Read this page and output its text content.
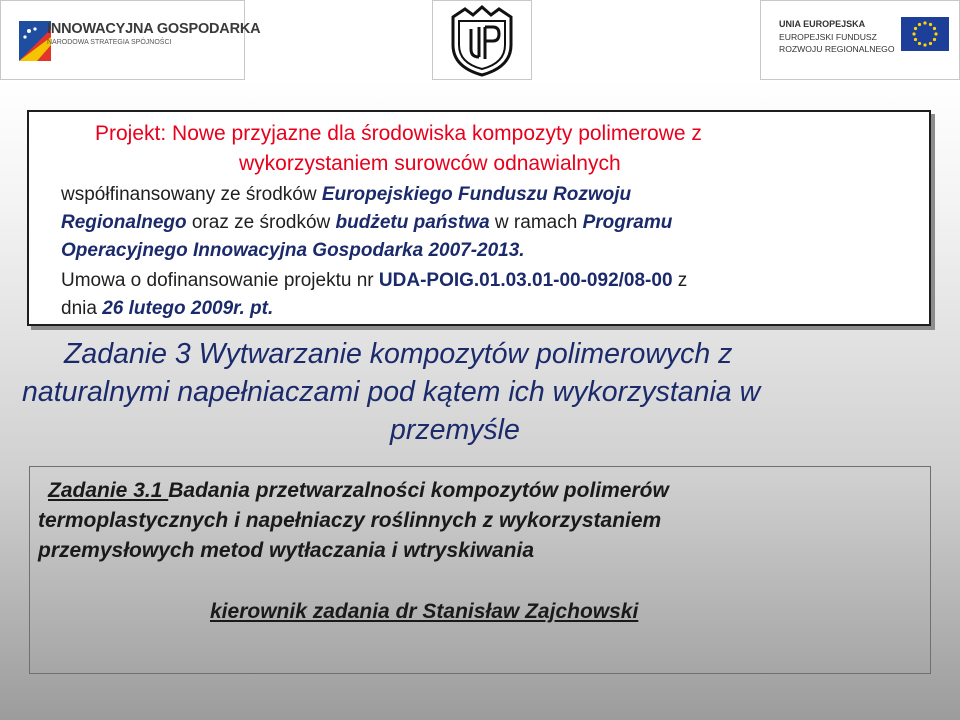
INNOWACYJNA GOSPODARKA
NARODOWA STRATEGIA SPÓJNOŚCI
UNIA EUROPEJSKA
EUROPEJSKI FUNDUSZ
ROZWOJU REGIONALNEGO
Projekt: Nowe przyjazne dla środowiska kompozyty polimerowe z
wykorzystaniem surowców odnawialnych
współfinansowany ze środków Europejskiego Funduszu Rozwoju
Regionalnego oraz ze środków budżetu państwa w ramach Programu
Operacyjnego Innowacyjna Gospodarka 2007-2013.
Umowa o dofinansowanie projektu nr UDA-POIG.01.03.01-00-092/08-00 z
dnia 26 lutego 2009r. pt.
Zadanie 3 Wytwarzanie kompozytów polimerowych z
naturalnymi napełniaczami pod kątem ich wykorzystania w
przemyśle
Zadanie 3.1 Badania przetwarzalności kompozytów polimerów
termoplastycznych i napełniaczy roślinnych z wykorzystaniem
przemysłowych metod wytłaczania i wtryskiwania
kierownik zadania dr Stanisław Zajchowski
